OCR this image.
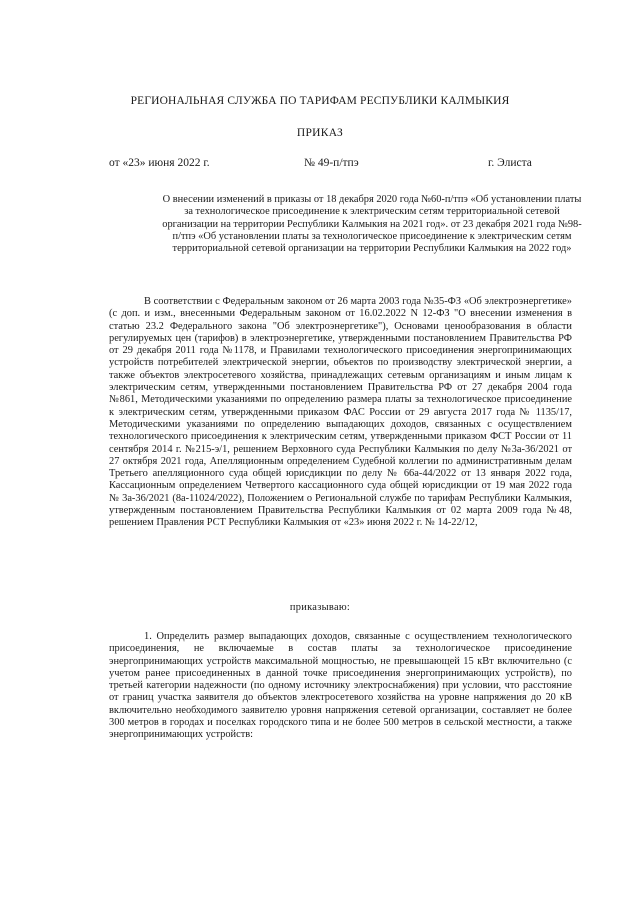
РЕГИОНАЛЬНАЯ СЛУЖБА ПО ТАРИФАМ РЕСПУБЛИКИ КАЛМЫКИЯ

ПРИКАЗ

от «23» июня 2022 г.	№ 49-п/тпэ	г. Элиста

О внесении изменений в приказы от 18 декабря 2020 года №60-п/тпэ «Об установлении платы за технологическое присоединение к электрическим сетям территориальной сетевой организации на территории Республики Калмыкия на 2021 год». от 23 декабря 2021 года №98-п/тпэ «Об установлении платы за технологическое присоединение к электрическим сетям территориальной сетевой организации на территории Республики Калмыкия на 2022 год»

В соответствии с Федеральным законом от 26 марта 2003 года №35-ФЗ «Об электроэнергетике» (с доп. и изм., внесенными Федеральным законом от 16.02.2022 N 12-ФЗ "О внесении изменения в статью 23.2 Федерального закона "Об электроэнергетике"), Основами ценообразования в области регулируемых цен (тарифов) в электроэнергетике, утвержденными постановлением Правительства РФ от 29 декабря 2011 года №1178, и Правилами технологического присоединения энергопринимающих устройств потребителей электрической энергии, объектов по производству электрической энергии, а также объектов электросетевого хозяйства, принадлежащих сетевым организациям и иным лицам к электрическим сетям, утвержденными постановлением Правительства РФ от 27 декабря 2004 года №861, Методическими указаниями по определению размера платы за технологическое присоединение к электрическим сетям, утвержденными приказом ФАС России от 29 августа 2017 года № 1135/17, Методическими указаниями по определению выпадающих доходов, связанных с осуществлением технологического присоединения к электрическим сетям, утвержденными приказом ФСТ России от 11 сентября 2014 г. №215-э/1, решением Верховного суда Республики Калмыкия по делу №3а-36/2021 от 27 октября 2021 года, Апелляционным определением Судебной коллегии по административным делам Третьего апелляционного суда общей юрисдикции по делу № 66а-44/2022 от 13 января 2022 года, Кассационным определением Четвертого кассационного суда общей юрисдикции от 19 мая 2022 года № 3а-36/2021 (8а-11024/2022), Положением о Региональной службе по тарифам Республики Калмыкия, утвержденным постановлением Правительства Республики Калмыкия от 02 марта 2009 года №48, решением Правления РСТ Республики Калмыкия от «23» июня 2022 г. № 14-22/12,

приказываю:

1. Определить размер выпадающих доходов, связанные с осуществлением технологического присоединения, не включаемые в состав платы за технологическое присоединение энергопринимающих устройств максимальной мощностью, не превышающей 15 кВт включительно (с учетом ранее присоединенных в данной точке присоединения энергопринимающих устройств), по третьей категории надежности (по одному источнику электроснабжения) при условии, что расстояние от границ участка заявителя до объектов электросетевого хозяйства на уровне напряжения до 20 кВ включительно необходимого заявителю уровня напряжения сетевой организации, составляет не более 300 метров в городах и поселках городского типа и не более 500 метров в сельской местности, а также энергопринимающих устройств:
